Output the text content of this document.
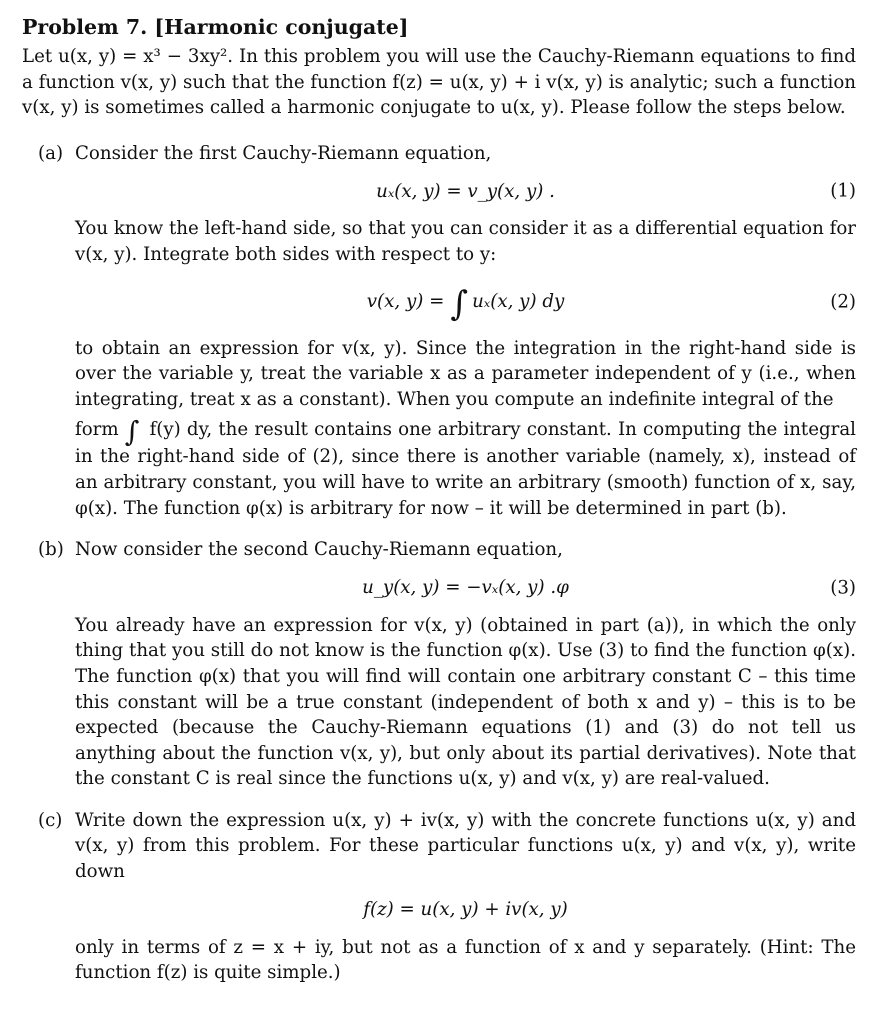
Problem 7. [Harmonic conjugate]

Let u(x, y) = x³ − 3xy². In this problem you will use the Cauchy-Riemann equations to find a function v(x, y) such that the function f(z) = u(x, y) + i v(x, y) is analytic; such a function v(x, y) is sometimes called a harmonic conjugate to u(x, y). Please follow the steps below.

(a) Consider the first Cauchy-Riemann equation,

uₓ(x, y) = v_y(x, y) .	(1)

You know the left-hand side, so that you can consider it as a differential equation for v(x, y). Integrate both sides with respect to y:

v(x, y) = ∫ uₓ(x, y) dy	(2)

to obtain an expression for v(x, y). Since the integration in the right-hand side is over the variable y, treat the variable x as a parameter independent of y (i.e., when integrating, treat x as a constant). When you compute an indefinite integral of the

form ∫ f(y) dy, the result contains one arbitrary constant. In computing the integral in the right-hand side of (2), since there is another variable (namely, x), instead of an arbitrary constant, you will have to write an arbitrary (smooth) function of x, say, φ(x). The function φ(x) is arbitrary for now – it will be determined in part (b).

(b) Now consider the second Cauchy-Riemann equation,

u_y(x, y) = −vₓ(x, y) .φ	(3)

You already have an expression for v(x, y) (obtained in part (a)), in which the only thing that you still do not know is the function φ(x). Use (3) to find the function φ(x). The function φ(x) that you will find will contain one arbitrary constant C – this time this constant will be a true constant (independent of both x and y) – this is to be expected (because the Cauchy-Riemann equations (1) and (3) do not tell us anything about the function v(x, y), but only about its partial derivatives). Note that the constant C is real since the functions u(x, y) and v(x, y) are real-valued.

(c) Write down the expression u(x, y) + iv(x, y) with the concrete functions u(x, y) and v(x, y) from this problem. For these particular functions u(x, y) and v(x, y), write down

f(z) = u(x, y) + iv(x, y)

only in terms of z = x + iy, but not as a function of x and y separately. (Hint: The function f(z) is quite simple.)
